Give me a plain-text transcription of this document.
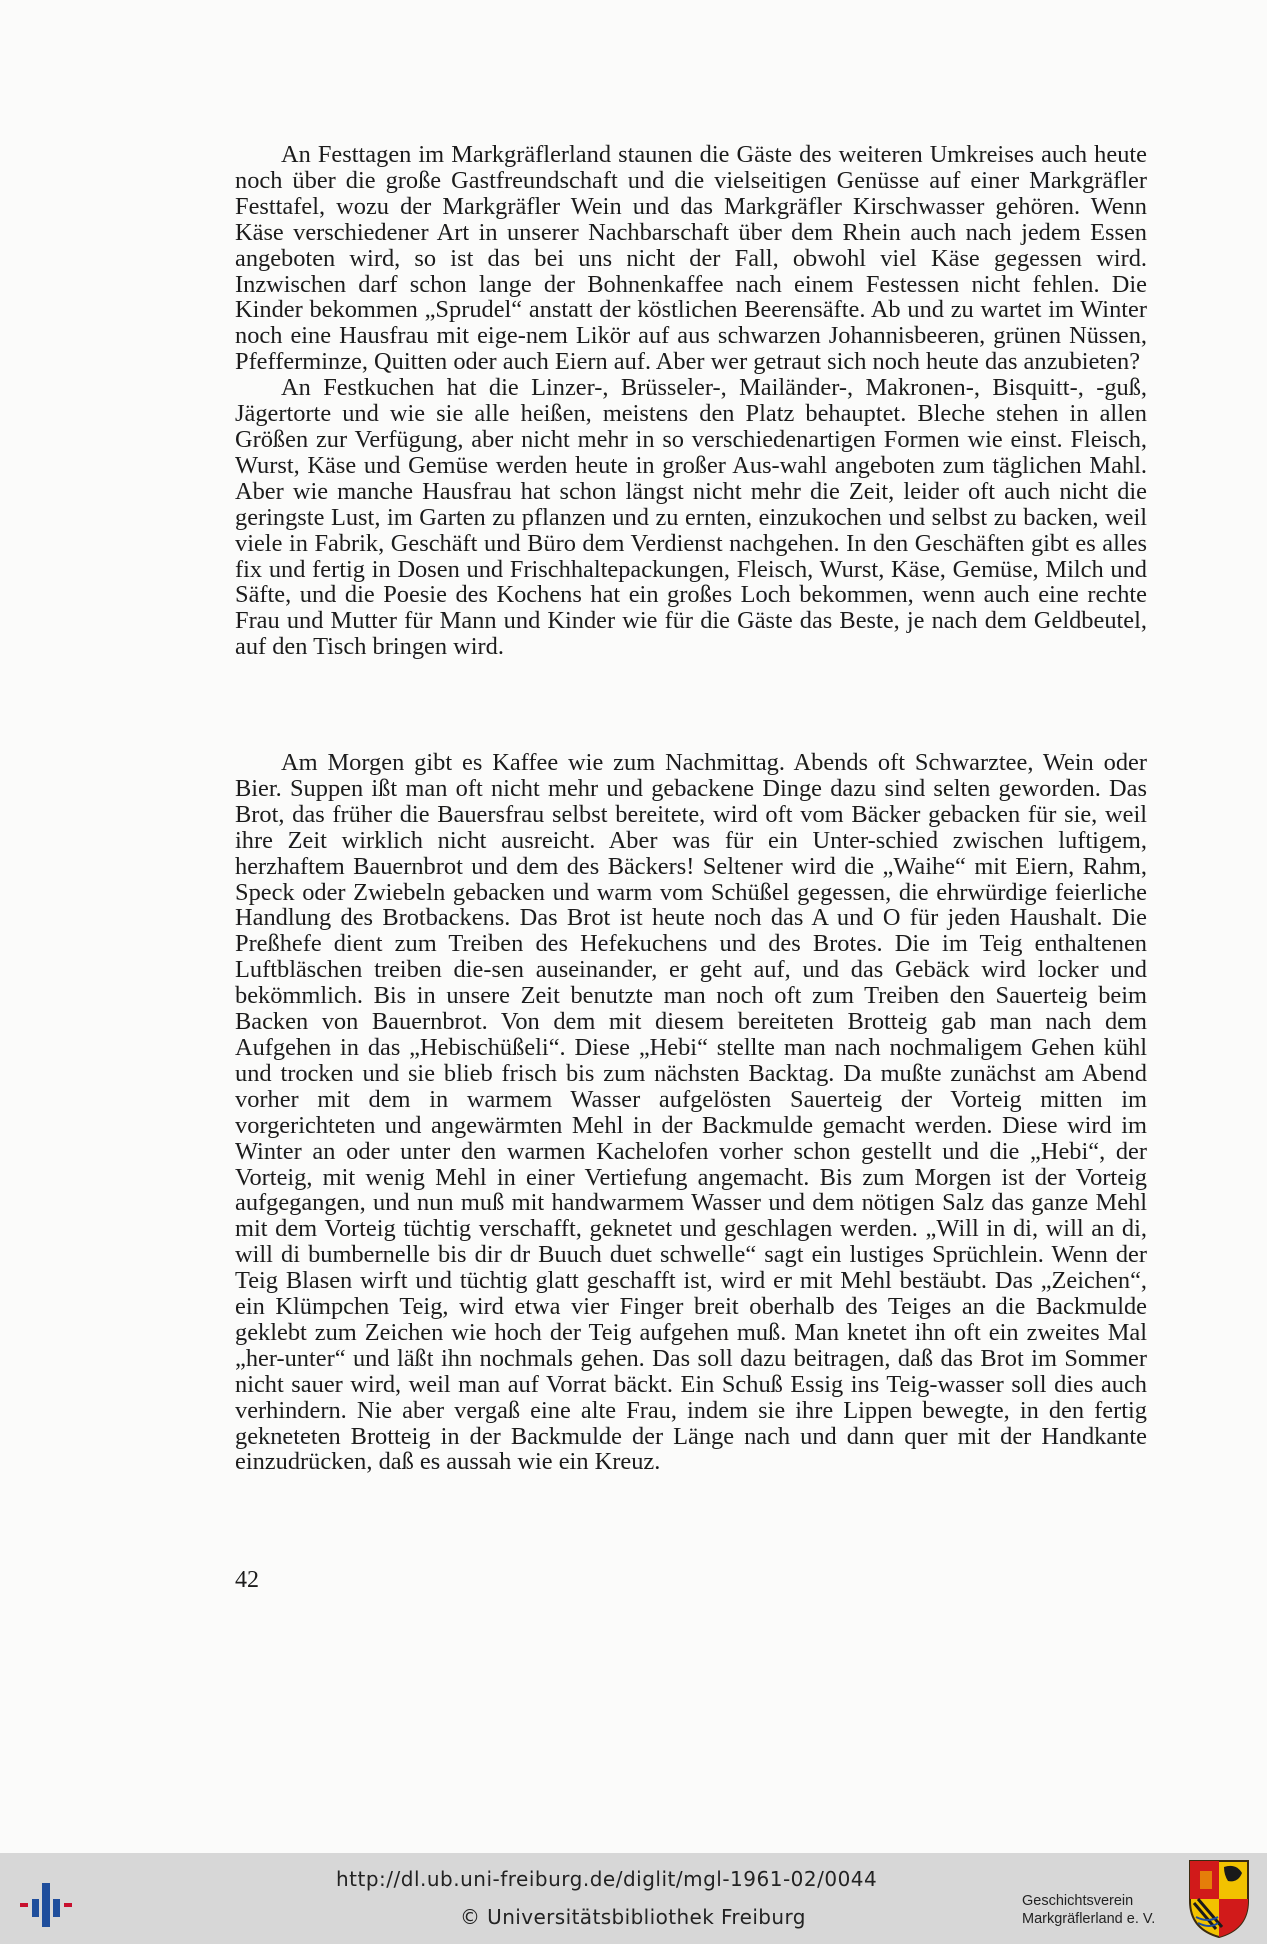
An Festtagen im Markgräflerland staunen die Gäste des weiteren Umkreises auch heute noch über die große Gastfreundschaft und die vielseitigen Genüsse auf einer Markgräfler Festtafel, wozu der Markgräfler Wein und das Markgräfler Kirschwasser gehören. Wenn Käse verschiedener Art in unserer Nachbarschaft über dem Rhein auch nach jedem Essen angeboten wird, so ist das bei uns nicht der Fall, obwohl viel Käse gegessen wird. Inzwischen darf schon lange der Bohnenkaffee nach einem Festessen nicht fehlen. Die Kinder bekommen „Sprudel“ anstatt der köstlichen Beerensäfte. Ab und zu wartet im Winter noch eine Hausfrau mit eige-nem Likör auf aus schwarzen Johannisbeeren, grünen Nüssen, Pfefferminze, Quitten oder auch Eiern auf. Aber wer getraut sich noch heute das anzubieten?

An Festkuchen hat die Linzer-, Brüsseler-, Mailänder-, Makronen-, Bisquitt-, -guß, Jägertorte und wie sie alle heißen, meistens den Platz behauptet. Bleche stehen in allen Größen zur Verfügung, aber nicht mehr in so verschiedenartigen Formen wie einst. Fleisch, Wurst, Käse und Gemüse werden heute in großer Aus-wahl angeboten zum täglichen Mahl. Aber wie manche Hausfrau hat schon längst nicht mehr die Zeit, leider oft auch nicht die geringste Lust, im Garten zu pflanzen und zu ernten, einzukochen und selbst zu backen, weil viele in Fabrik, Geschäft und Büro dem Verdienst nachgehen. In den Geschäften gibt es alles fix und fertig in Dosen und Frischhaltepackungen, Fleisch, Wurst, Käse, Gemüse, Milch und Säfte, und die Poesie des Kochens hat ein großes Loch bekommen, wenn auch eine rechte Frau und Mutter für Mann und Kinder wie für die Gäste das Beste, je nach dem Geldbeutel, auf den Tisch bringen wird.

Am Morgen gibt es Kaffee wie zum Nachmittag. Abends oft Schwarztee, Wein oder Bier. Suppen ißt man oft nicht mehr und gebackene Dinge dazu sind selten geworden. Das Brot, das früher die Bauersfrau selbst bereitete, wird oft vom Bäcker gebacken für sie, weil ihre Zeit wirklich nicht ausreicht. Aber was für ein Unter-schied zwischen luftigem, herzhaftem Bauernbrot und dem des Bäckers! Seltener wird die „Waihe“ mit Eiern, Rahm, Speck oder Zwiebeln gebacken und warm vom Schüßel gegessen, die ehrwürdige feierliche Handlung des Brotbackens. Das Brot ist heute noch das A und O für jeden Haushalt. Die Preßhefe dient zum Treiben des Hefekuchens und des Brotes. Die im Teig enthaltenen Luftbläschen treiben die-sen auseinander, er geht auf, und das Gebäck wird locker und bekömmlich. Bis in unsere Zeit benutzte man noch oft zum Treiben den Sauerteig beim Backen von Bauernbrot. Von dem mit diesem bereiteten Brotteig gab man nach dem Aufgehen in das „Hebischüßeli“. Diese „Hebi“ stellte man nach nochmaligem Gehen kühl und trocken und sie blieb frisch bis zum nächsten Backtag. Da mußte zunächst am Abend vorher mit dem in warmem Wasser aufgelösten Sauerteig der Vorteig mitten im vorgerichteten und angewärmten Mehl in der Backmulde gemacht werden. Diese wird im Winter an oder unter den warmen Kachelofen vorher schon gestellt und die „Hebi“, der Vorteig, mit wenig Mehl in einer Vertiefung angemacht. Bis zum Morgen ist der Vorteig aufgegangen, und nun muß mit handwarmem Wasser und dem nötigen Salz das ganze Mehl mit dem Vorteig tüchtig verschafft, geknetet und geschlagen werden. „Will in di, will an di, will di bumbernelle bis dir dr Buuch duet schwelle“ sagt ein lustiges Sprüchlein. Wenn der Teig Blasen wirft und tüchtig glatt geschafft ist, wird er mit Mehl bestäubt. Das „Zeichen“, ein Klümpchen Teig, wird etwa vier Finger breit oberhalb des Teiges an die Backmulde geklebt zum Zeichen wie hoch der Teig aufgehen muß. Man knetet ihn oft ein zweites Mal „her-unter“ und läßt ihn nochmals gehen. Das soll dazu beitragen, daß das Brot im Sommer nicht sauer wird, weil man auf Vorrat bäckt. Ein Schuß Essig ins Teig-wasser soll dies auch verhindern. Nie aber vergaß eine alte Frau, indem sie ihre Lippen bewegte, in den fertig gekneteten Brotteig in der Backmulde der Länge nach und dann quer mit der Handkante einzudrücken, daß es aussah wie ein Kreuz.

42
http://dl.ub.uni-freiburg.de/diglit/mgl-1961-02/0044
© Universitätsbibliothek Freiburg
Geschichtsverein
Markgräflerland e. V.
